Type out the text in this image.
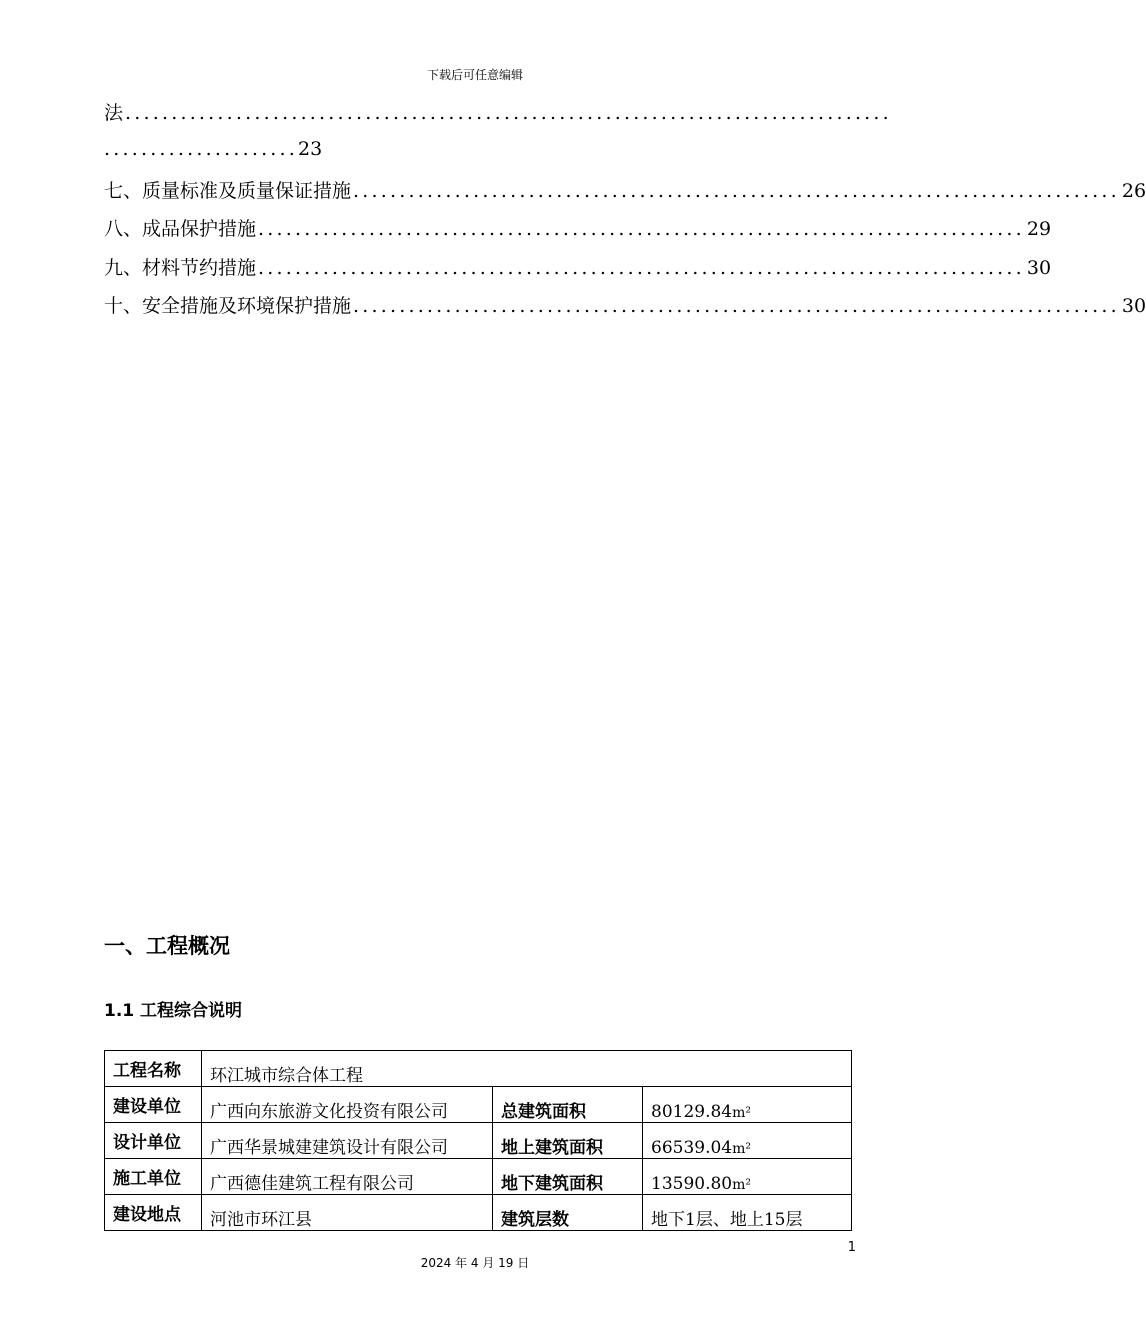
下载后可任意编辑
法 ...................................................................................
.....................23
七、质量标准及质量保证措施 ................................................................................... 26
八、成品保护措施 ................................................................................... 29
九、材料节约措施 ................................................................................... 30
十、安全措施及环境保护措施 ................................................................................... 30
一、工程概况
1.1 工程综合说明
工程名称	环江城市综合体工程		
建设单位	广西向东旅游文化投资有限公司	总建筑面积	80129.84m²
设计单位	广西华景城建建筑设计有限公司	地上建筑面积	66539.04m²
施工单位	广西德佳建筑工程有限公司	地下建筑面积	13590.80m²
建设地点	河池市环江县	建筑层数	地下1层、地上15层
1
2024 年 4 月 19 日
